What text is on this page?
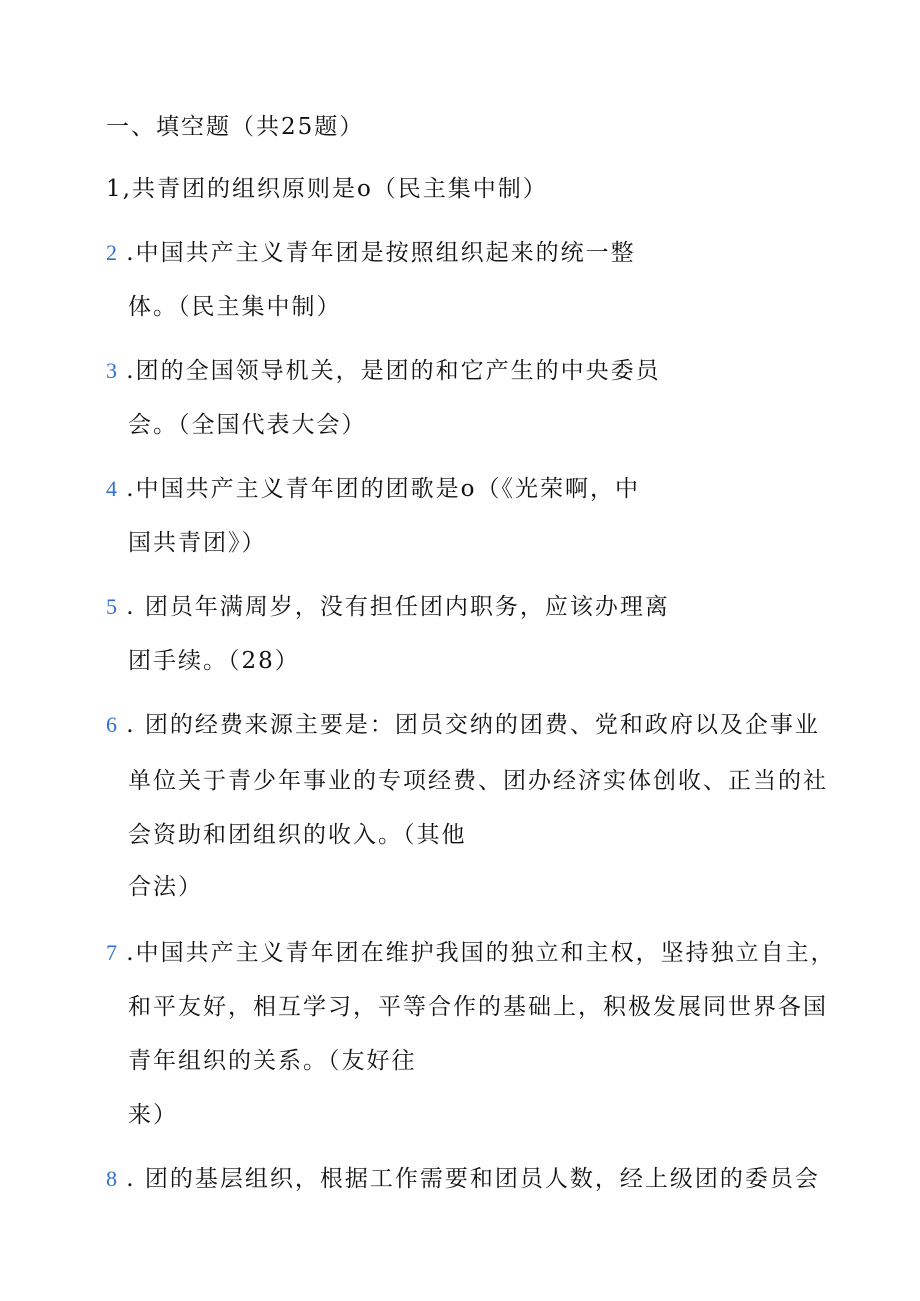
一、填空题（共25题）
1,共青团的组织原则是o（民主集中制）
2 .中国共产主义青年团是按照组织起来的统一整
体。（民主集中制）
3 .团的全国领导机关，是团的和它产生的中央委员
会。（全国代表大会）
4 .中国共产主义青年团的团歌是o（《光荣啊，中
国共青团》）
5 . 团员年满周岁，没有担任团内职务，应该办理离
团手续。（28）
6 . 团的经费来源主要是：团员交纳的团费、党和政府以及企事业
单位关于青少年事业的专项经费、团办经济实体创收、正当的社
会资助和团组织的收入。（其他
合法）
7 .中国共产主义青年团在维护我国的独立和主权，坚持独立自主，
和平友好，相互学习，平等合作的基础上，积极发展同世界各国
青年组织的关系。（友好往
来）
8 . 团的基层组织，根据工作需要和团员人数，经上级团的委员会
